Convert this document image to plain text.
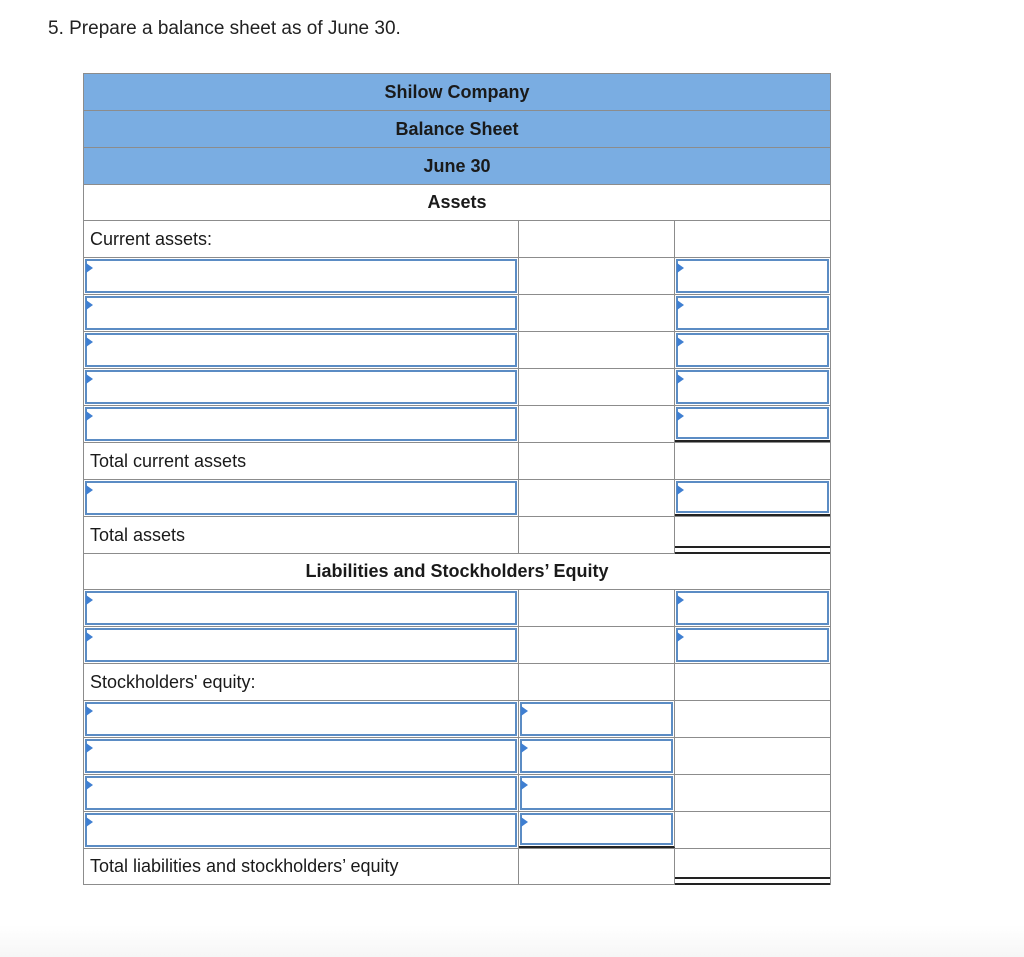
5. Prepare a balance sheet as of June 30.
Shilow Company
Balance Sheet
June 30
Assets
Current assets:
Total current assets
Total assets
Liabilities and Stockholders’ Equity
Stockholders' equity:
Total liabilities and stockholders’ equity
